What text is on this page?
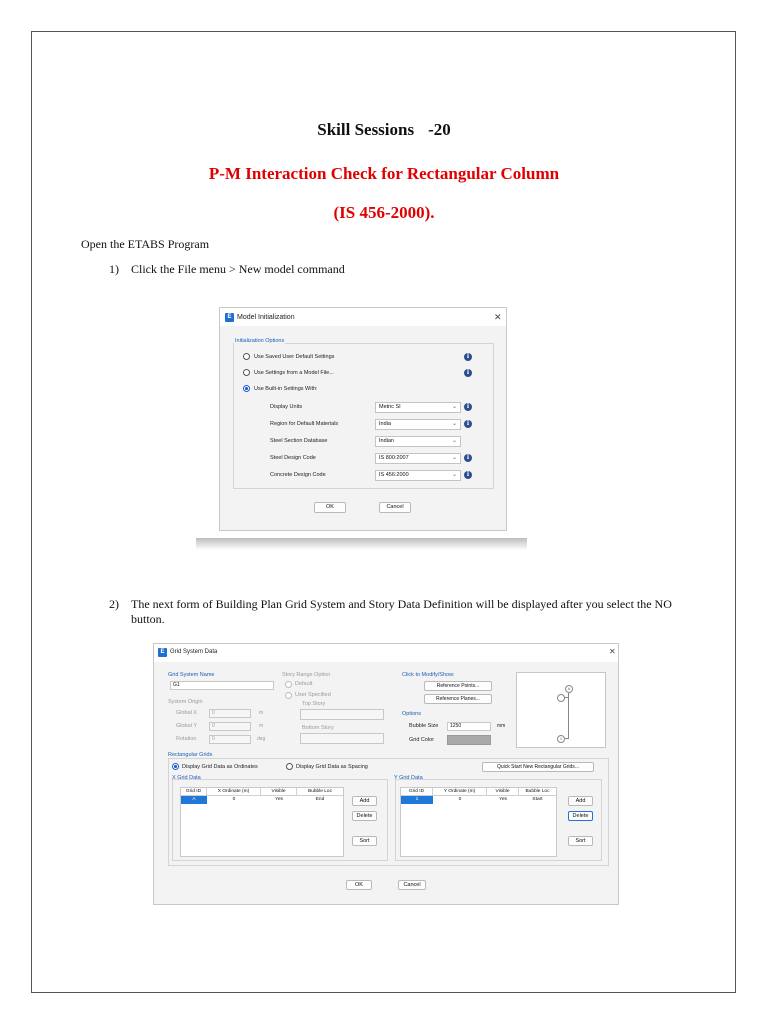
Skill Sessions -20
P-M Interaction Check for Rectangular Column
(IS 456-2000).
Open the ETABS Program
1) Click the File menu > New model command
E Model Initialization	✕
Initialization Options
Use Saved User Default Settings	i
Use Settings from a Model File...	i
Use Built-in Settings With:
Display Units	Metric SI	⌄	i
Region for Default Materials	India	⌄	i
Steel Section Database	Indian	⌄
Steel Design Code	IS 800:2007	⌄	i
Concrete Design Code	IS 456:2000	⌄	i
OK	Cancel
2) The next form of Building Plan Grid System and Story Data Definition will be displayed after you select the NO button.
E Grid System Data	✕
Grid System Name
G1
System Origin
Global X	0	m
Global Y	0	m
Rotation	0	deg
Story Range Option
Default
User Specified
Top Story
Bottom Story
Click to Modify/Show:
Reference Points...
Reference Planes...
Options
Bubble Size	1250	mm
Grid Color
A
1
Rectangular Grids
Display Grid Data as Ordinates	Display Grid Data as Spacing	Quick Start New Rectangular Grids...
X Grid Data
Grid ID	X Ordinate (m)	Visible	Bubble Loc
A	0	Yes	End	Add
Delete
Sort
Y Grid Data
Grid ID	Y Ordinate (m)	Visible	Bubble Loc
1	0	Yes	Start	Add
Delete
Sort
OK	Cancel
